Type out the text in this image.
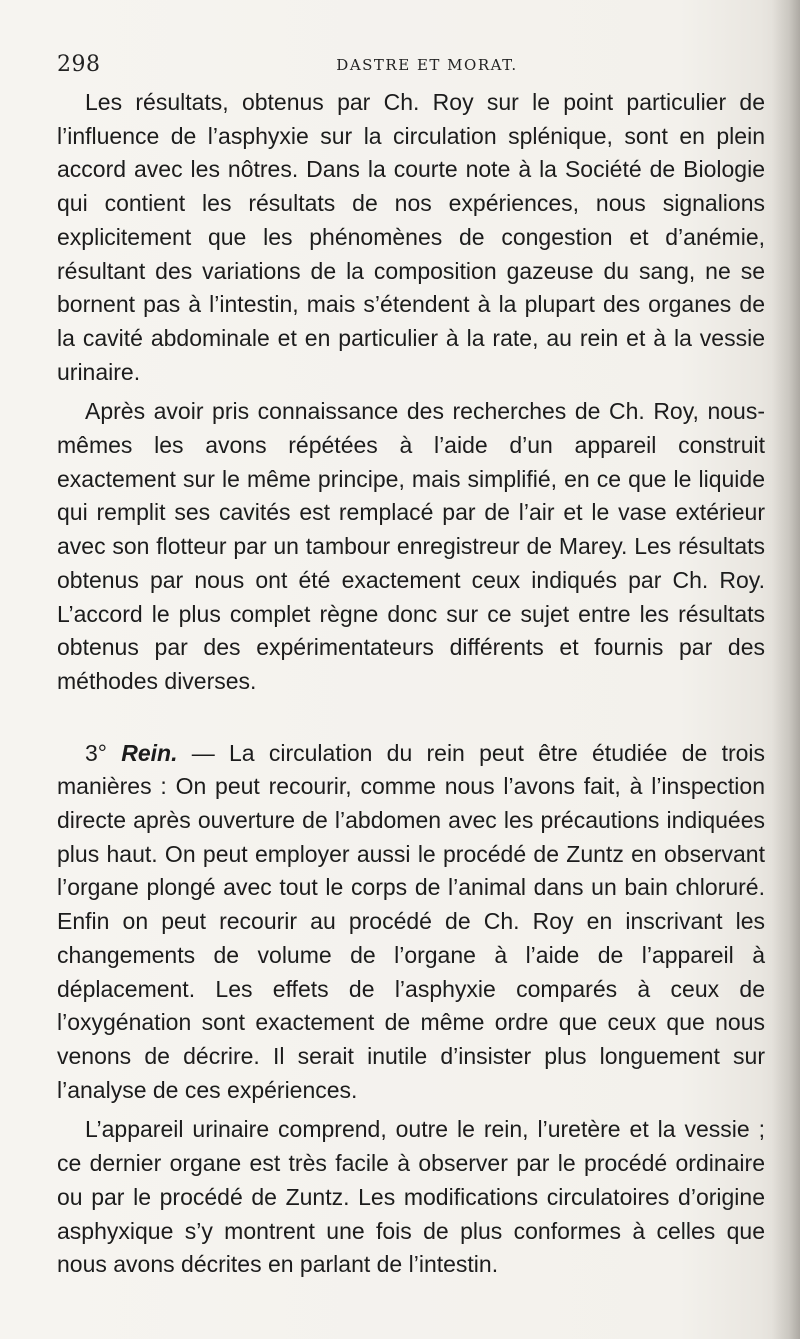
298	DASTRE ET MORAT.

Les résultats, obtenus par Ch. Roy sur le point particulier de l’influence de l’asphyxie sur la circulation splénique, sont en plein accord avec les nôtres. Dans la courte note à la Société de Biologie qui contient les résultats de nos expériences, nous signalions explicitement que les phénomènes de congestion et d’anémie, résultant des variations de la composition gazeuse du sang, ne se bornent pas à l’intestin, mais s’étendent à la plupart des organes de la cavité abdominale et en particulier à la rate, au rein et à la vessie urinaire.

Après avoir pris connaissance des recherches de Ch. Roy, nous-mêmes les avons répétées à l’aide d’un appareil construit exactement sur le même principe, mais simplifié, en ce que le liquide qui remplit ses cavités est remplacé par de l’air et le vase extérieur avec son flotteur par un tambour enregistreur de Marey. Les résultats obtenus par nous ont été exactement ceux indiqués par Ch. Roy. L’accord le plus complet règne donc sur ce sujet entre les résultats obtenus par des expérimentateurs différents et fournis par des méthodes diverses.

3° Rein. — La circulation du rein peut être étudiée de trois manières : On peut recourir, comme nous l’avons fait, à l’inspection directe après ouverture de l’abdomen avec les précautions indiquées plus haut. On peut employer aussi le procédé de Zuntz en observant l’organe plongé avec tout le corps de l’animal dans un bain chloruré. Enfin on peut recourir au procédé de Ch. Roy en inscrivant les changements de volume de l’organe à l’aide de l’appareil à déplacement. Les effets de l’asphyxie comparés à ceux de l’oxygénation sont exactement de même ordre que ceux que nous venons de décrire. Il serait inutile d’insister plus longuement sur l’analyse de ces expériences.

L’appareil urinaire comprend, outre le rein, l’uretère et la vessie ; ce dernier organe est très facile à observer par le procédé ordinaire ou par le procédé de Zuntz. Les modifications circulatoires d’origine asphyxique s’y montrent une fois de plus conformes à celles que nous avons décrites en parlant de l’intestin.
